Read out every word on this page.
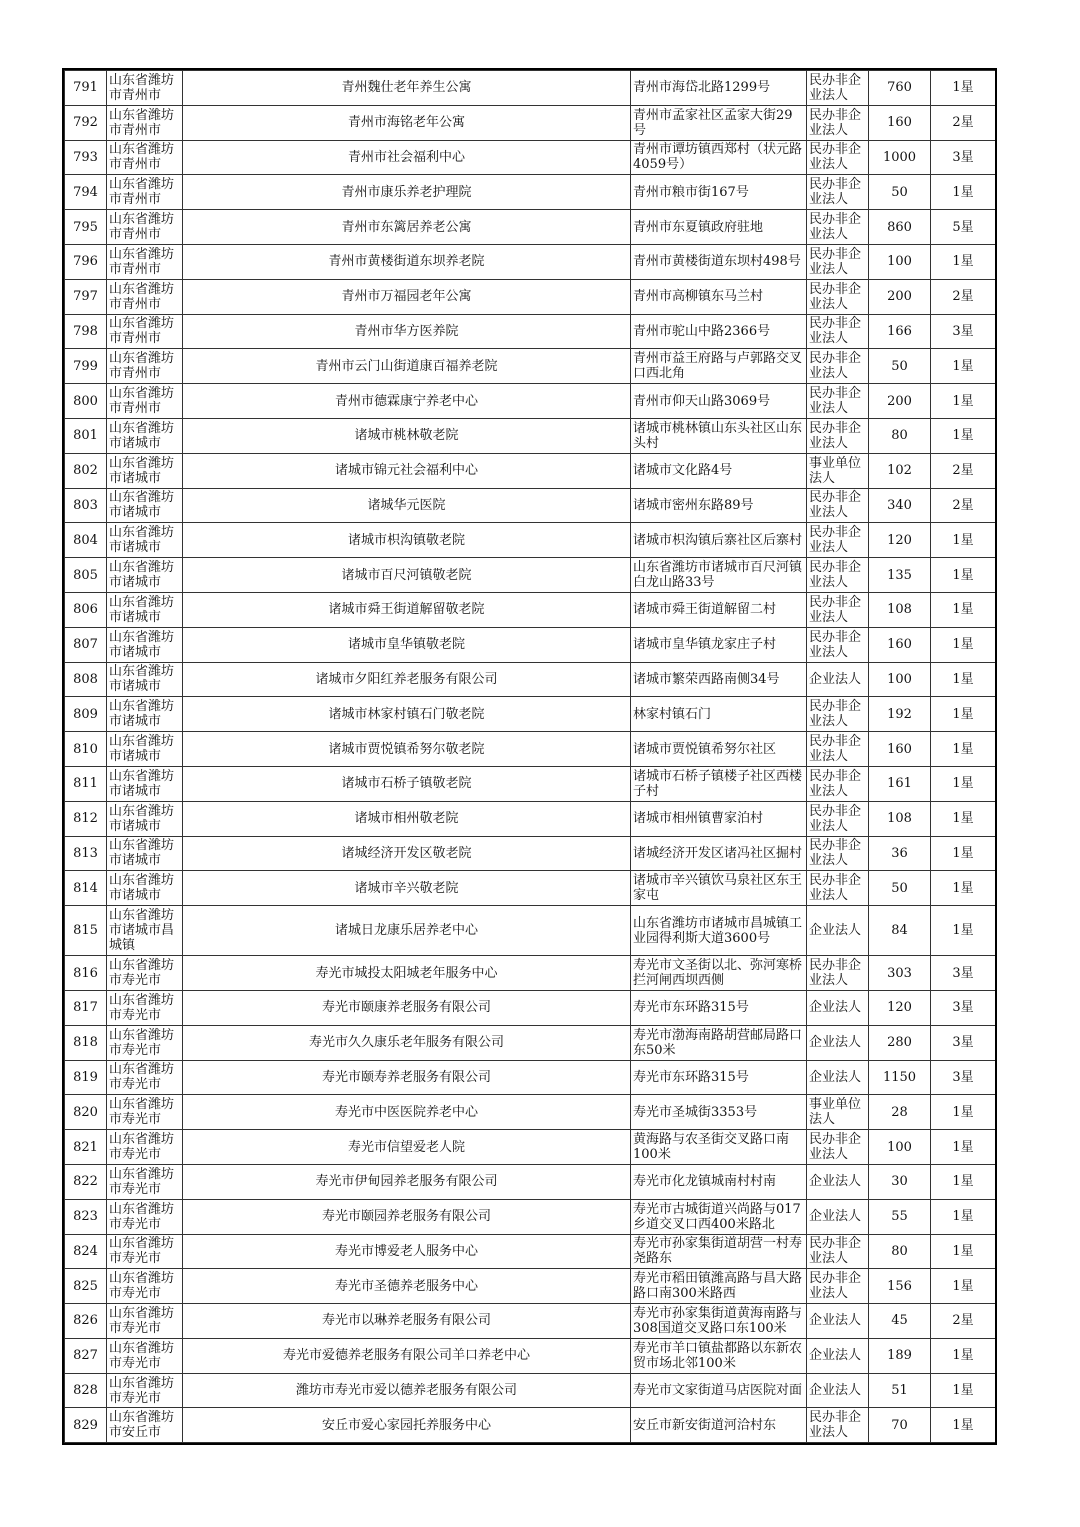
791	山东省潍坊市青州市	青州魏仕老年养生公寓	青州市海岱北路1299号	民办非企业法人	760	1星
792	山东省潍坊市青州市	青州市海铭老年公寓	青州市孟家社区孟家大街29号	民办非企业法人	160	2星
793	山东省潍坊市青州市	青州市社会福利中心	青州市谭坊镇西郑村（状元路4059号）	民办非企业法人	1000	3星
794	山东省潍坊市青州市	青州市康乐养老护理院	青州市粮市街167号	民办非企业法人	50	1星
795	山东省潍坊市青州市	青州市东篱居养老公寓	青州市东夏镇政府驻地	民办非企业法人	860	5星
796	山东省潍坊市青州市	青州市黄楼街道东坝养老院	青州市黄楼街道东坝村498号	民办非企业法人	100	1星
797	山东省潍坊市青州市	青州市万福园老年公寓	青州市高柳镇东马兰村	民办非企业法人	200	2星
798	山东省潍坊市青州市	青州市华方医养院	青州市驼山中路2366号	民办非企业法人	166	3星
799	山东省潍坊市青州市	青州市云门山街道康百福养老院	青州市益王府路与卢郭路交叉口西北角	民办非企业法人	50	1星
800	山东省潍坊市青州市	青州市德霖康宁养老中心	青州市仰天山路3069号	民办非企业法人	200	1星
801	山东省潍坊市诸城市	诸城市桃林敬老院	诸城市桃林镇山东头社区山东头村	民办非企业法人	80	1星
802	山东省潍坊市诸城市	诸城市锦元社会福利中心	诸城市文化路4号	事业单位法人	102	2星
803	山东省潍坊市诸城市	诸城华元医院	诸城市密州东路89号	民办非企业法人	340	2星
804	山东省潍坊市诸城市	诸城市枳沟镇敬老院	诸城市枳沟镇后寨社区后寨村	民办非企业法人	120	1星
805	山东省潍坊市诸城市	诸城市百尺河镇敬老院	山东省潍坊市诸城市百尺河镇白龙山路33号	民办非企业法人	135	1星
806	山东省潍坊市诸城市	诸城市舜王街道解留敬老院	诸城市舜王街道解留二村	民办非企业法人	108	1星
807	山东省潍坊市诸城市	诸城市皇华镇敬老院	诸城市皇华镇龙家庄子村	民办非企业法人	160	1星
808	山东省潍坊市诸城市	诸城市夕阳红养老服务有限公司	诸城市繁荣西路南侧34号	企业法人	100	1星
809	山东省潍坊市诸城市	诸城市林家村镇石门敬老院	林家村镇石门	民办非企业法人	192	1星
810	山东省潍坊市诸城市	诸城市贾悦镇希努尔敬老院	诸城市贾悦镇希努尔社区	民办非企业法人	160	1星
811	山东省潍坊市诸城市	诸城市石桥子镇敬老院	诸城市石桥子镇楼子社区西楼子村	民办非企业法人	161	1星
812	山东省潍坊市诸城市	诸城市相州敬老院	诸城市相州镇曹家泊村	民办非企业法人	108	1星
813	山东省潍坊市诸城市	诸城经济开发区敬老院	诸城经济开发区诸冯社区掘村	民办非企业法人	36	1星
814	山东省潍坊市诸城市	诸城市辛兴敬老院	诸城市辛兴镇饮马泉社区东王家屯	民办非企业法人	50	1星
815	山东省潍坊市诸城市昌城镇	诸城日龙康乐居养老中心	山东省潍坊市诸城市昌城镇工业园得利斯大道3600号	企业法人	84	1星
816	山东省潍坊市寿光市	寿光市城投太阳城老年服务中心	寿光市文圣街以北、弥河寒桥拦河闸西坝西侧	民办非企业法人	303	3星
817	山东省潍坊市寿光市	寿光市颐康养老服务有限公司	寿光市东环路315号	企业法人	120	3星
818	山东省潍坊市寿光市	寿光市久久康乐老年服务有限公司	寿光市渤海南路胡营邮局路口东50米	企业法人	280	3星
819	山东省潍坊市寿光市	寿光市颐寿养老服务有限公司	寿光市东环路315号	企业法人	1150	3星
820	山东省潍坊市寿光市	寿光市中医医院养老中心	寿光市圣城街3353号	事业单位法人	28	1星
821	山东省潍坊市寿光市	寿光市信望爱老人院	黄海路与农圣街交叉路口南100米	民办非企业法人	100	1星
822	山东省潍坊市寿光市	寿光市伊甸园养老服务有限公司	寿光市化龙镇城南村村南	企业法人	30	1星
823	山东省潍坊市寿光市	寿光市颐园养老服务有限公司	寿光市古城街道兴尚路与017乡道交叉口西400米路北	企业法人	55	1星
824	山东省潍坊市寿光市	寿光市博爱老人服务中心	寿光市孙家集街道胡营一村寿尧路东	民办非企业法人	80	1星
825	山东省潍坊市寿光市	寿光市圣德养老服务中心	寿光市稻田镇潍高路与昌大路路口南300米路西	民办非企业法人	156	1星
826	山东省潍坊市寿光市	寿光市以琳养老服务有限公司	寿光市孙家集街道黄海南路与308国道交叉路口东100米	企业法人	45	2星
827	山东省潍坊市寿光市	寿光市爱德养老服务有限公司羊口养老中心	寿光市羊口镇盐都路以东新农贸市场北邻100米	企业法人	189	1星
828	山东省潍坊市寿光市	潍坊市寿光市爱以德养老服务有限公司	寿光市文家街道马店医院对面	企业法人	51	1星
829	山东省潍坊市安丘市	安丘市爱心家园托养服务中心	安丘市新安街道河洽村东	民办非企业法人	70	1星
